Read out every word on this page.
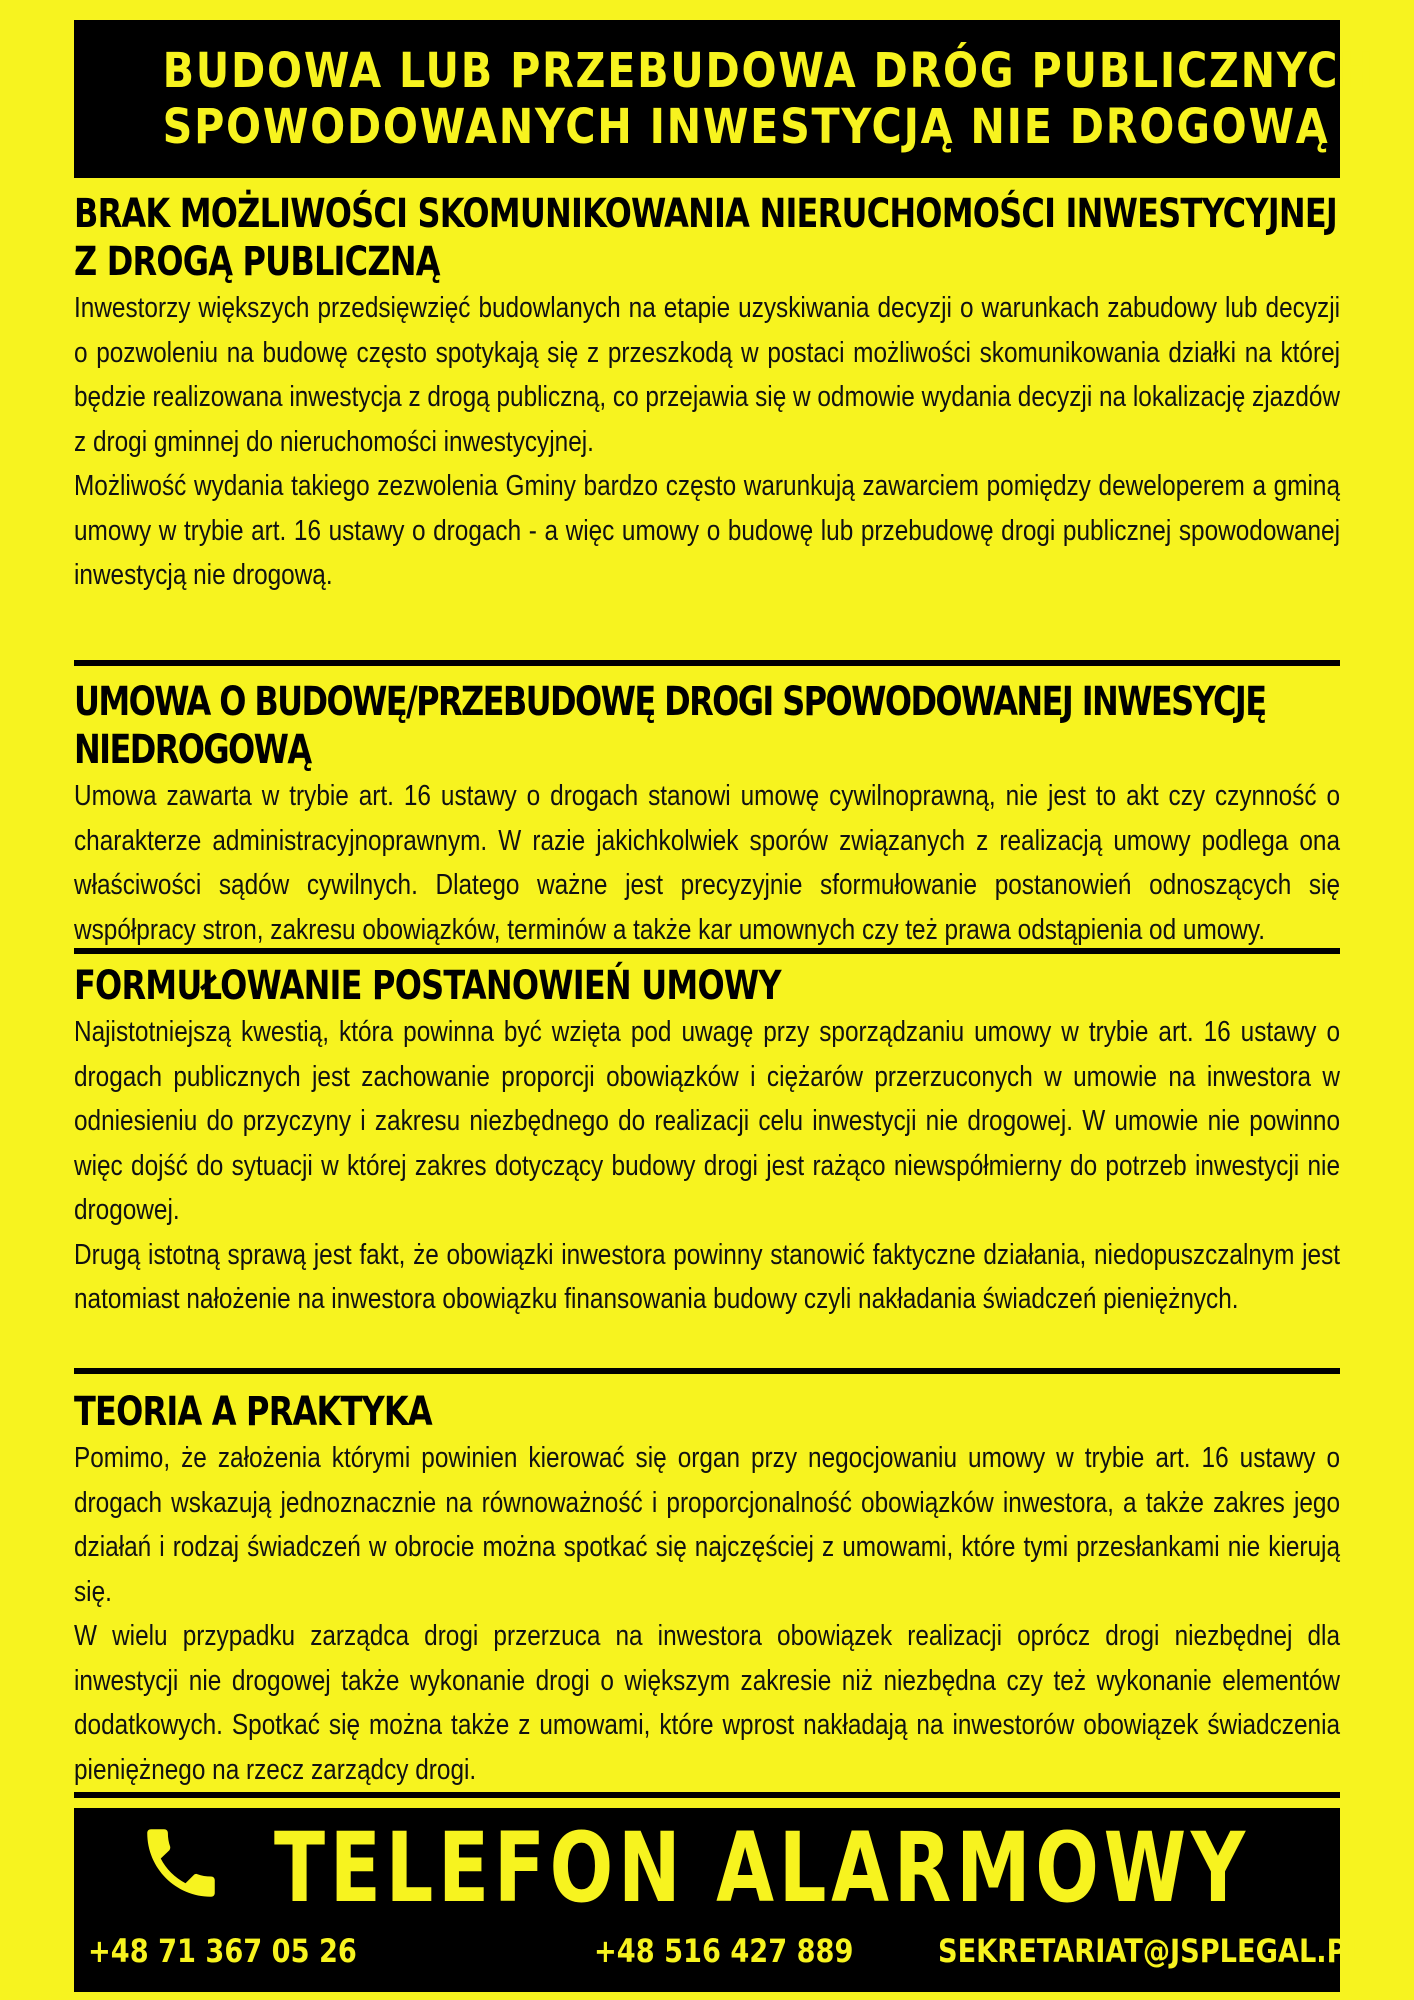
BUDOWA LUB PRZEBUDOWA DRÓG PUBLICZNYCH
SPOWODOWANYCH INWESTYCJĄ NIE DROGOWĄ
BRAK MOŻLIWOŚCI SKOMUNIKOWANIA NIERUCHOMOŚCI INWESTYCYJNEJ Z DROGĄ PUBLICZNĄ

Inwestorzy większych przedsięwzięć budowlanych na etapie uzyskiwania decyzji o warunkach zabudowy lub decyzji o pozwoleniu na budowę często spotykają się z przeszkodą w postaci możliwości skomunikowania działki na której będzie realizowana inwestycja z drogą publiczną, co przejawia się w odmowie wydania decyzji na lokalizację zjazdów z drogi gminnej do nieruchomości inwestycyjnej.

Możliwość wydania takiego zezwolenia Gminy bardzo często warunkują zawarciem pomiędzy deweloperem a gminą umowy w trybie art. 16 ustawy o drogach - a więc umowy o budowę lub przebudowę drogi publicznej spowodowanej inwestycją nie drogową.

UMOWA O BUDOWĘ/PRZEBUDOWĘ DROGI SPOWODOWANEJ INWESYCJĘ NIEDROGOWĄ

Umowa zawarta w trybie art. 16 ustawy o drogach stanowi umowę cywilnoprawną, nie jest to akt czy czynność o charakterze administracyjnoprawnym. W razie jakichkolwiek sporów związanych z realizacją umowy podlega ona właściwości sądów cywilnych. Dlatego ważne jest precyzyjnie sformułowanie postanowień odnoszących się współpracy stron, zakresu obowiązków, terminów a także kar umownych czy też prawa odstąpienia od umowy.

FORMUŁOWANIE POSTANOWIEŃ UMOWY

Najistotniejszą kwestią, która powinna być wzięta pod uwagę przy sporządzaniu umowy w trybie art. 16 ustawy o drogach publicznych jest zachowanie proporcji obowiązków i ciężarów przerzuconych w umowie na inwestora w odniesieniu do przyczyny i zakresu niezbędnego do realizacji celu inwestycji nie drogowej. W umowie nie powinno więc dojść do sytuacji w której zakres dotyczący budowy drogi jest rażąco niewspółmierny do potrzeb inwestycji nie drogowej.

Drugą istotną sprawą jest fakt, że obowiązki inwestora powinny stanowić faktyczne działania, niedopuszczalnym jest natomiast nałożenie na inwestora obowiązku finansowania budowy czyli nakładania świadczeń pieniężnych.

TEORIA A PRAKTYKA

Pomimo, że założenia którymi powinien kierować się organ przy negocjowaniu umowy w trybie art. 16 ustawy o drogach wskazują jednoznacznie na równoważność i proporcjonalność obowiązków inwestora, a także zakres jego działań i rodzaj świadczeń w obrocie można spotkać się najczęściej z umowami, które tymi przesłankami nie kierują się.

W wielu przypadku zarządca drogi przerzuca na inwestora obowiązek realizacji oprócz drogi niezbędnej dla inwestycji nie drogowej także wykonanie drogi o większym zakresie niż niezbędna czy też wykonanie elementów dodatkowych. Spotkać się można także z umowami, które wprost nakładają na inwestorów obowiązek świadczenia pieniężnego na rzecz zarządcy drogi.

TELEFON ALARMOWY
+48 71 367 05 26	+48 516 427 889	SEKRETARIAT@JSPLEGAL.PL
